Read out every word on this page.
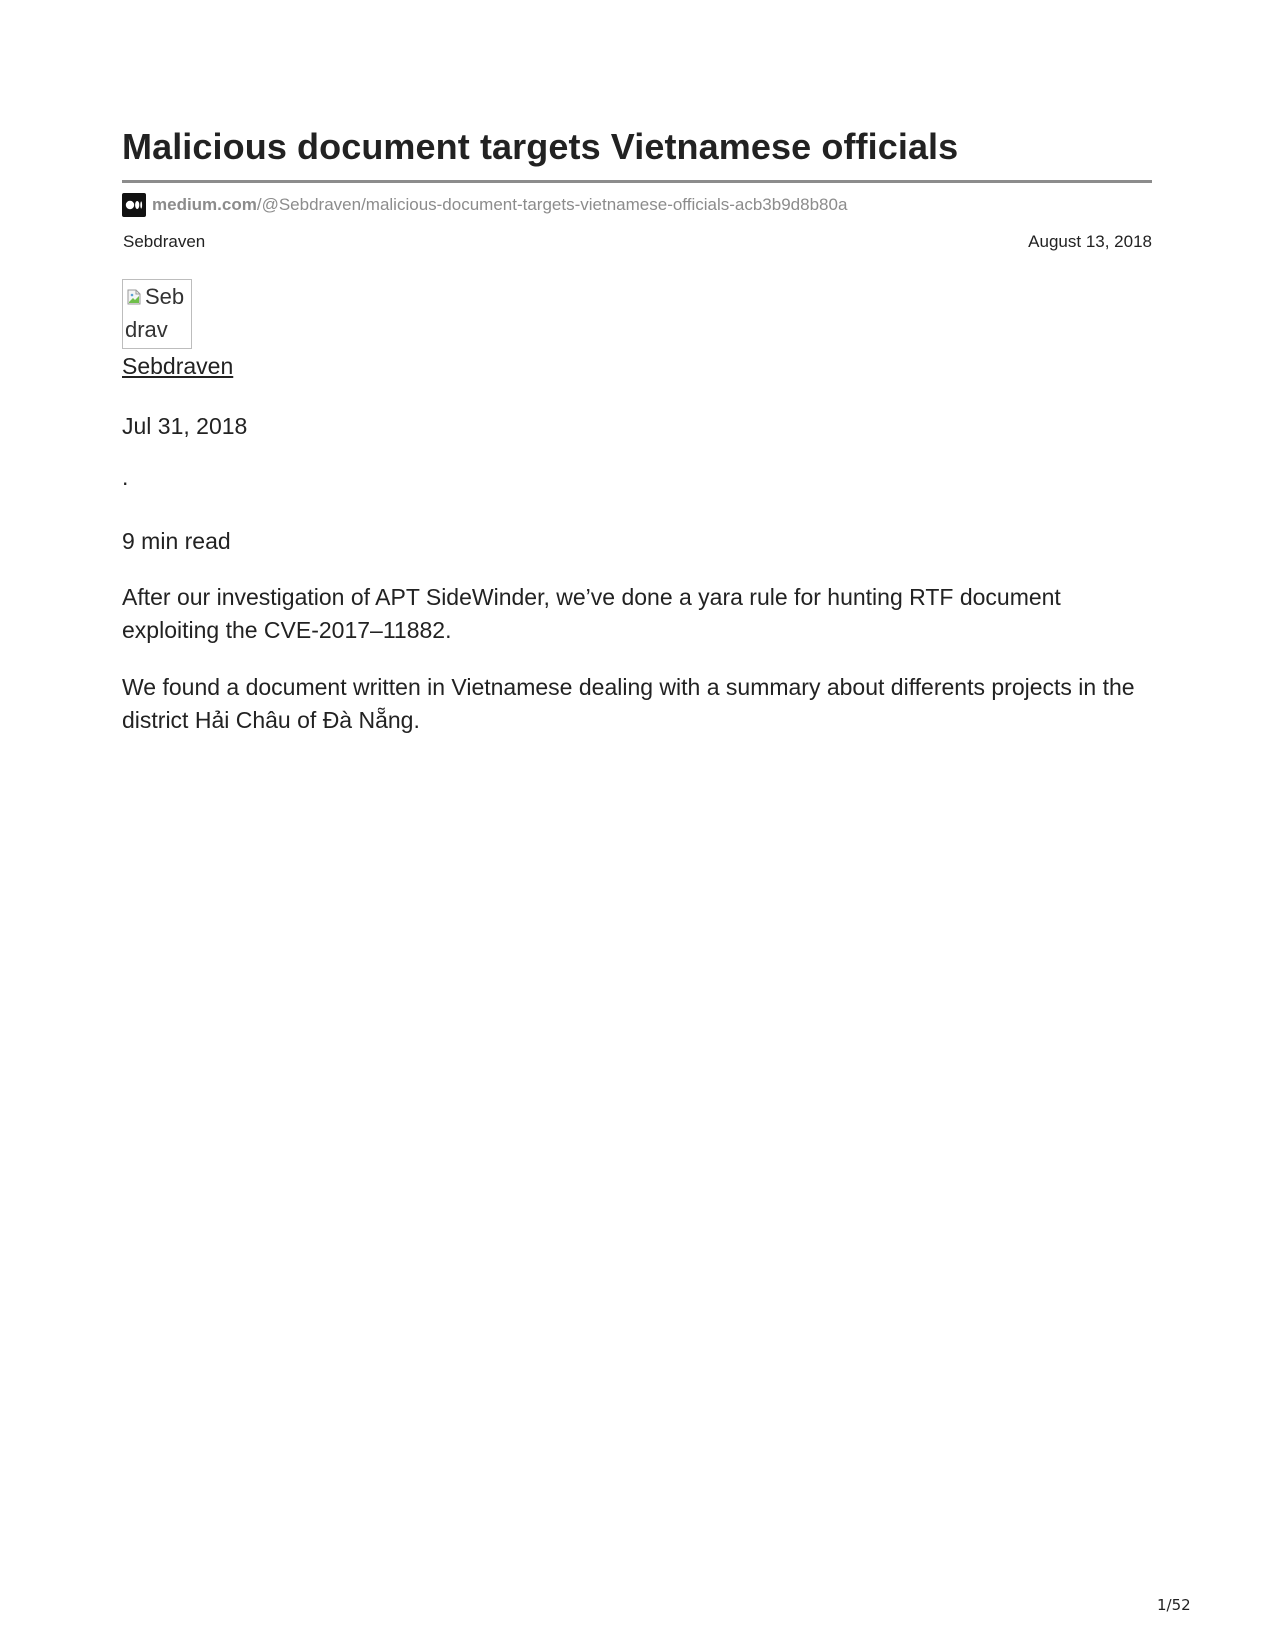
Malicious document targets Vietnamese officials
medium.com /@Sebdraven/malicious-document-targets-vietnamese-officials-acb3b9d8b80a
Sebdraven	August 13, 2018
Sebdrav
Sebdraven
Jul 31, 2018
.
9 min read

After our investigation of APT SideWinder, we’ve done a yara rule for hunting RTF document exploiting the CVE-2017–11882.

We found a document written in Vietnamese dealing with a summary about differents projects in the district Hải Châu of Đà Nẵng.

1/52
